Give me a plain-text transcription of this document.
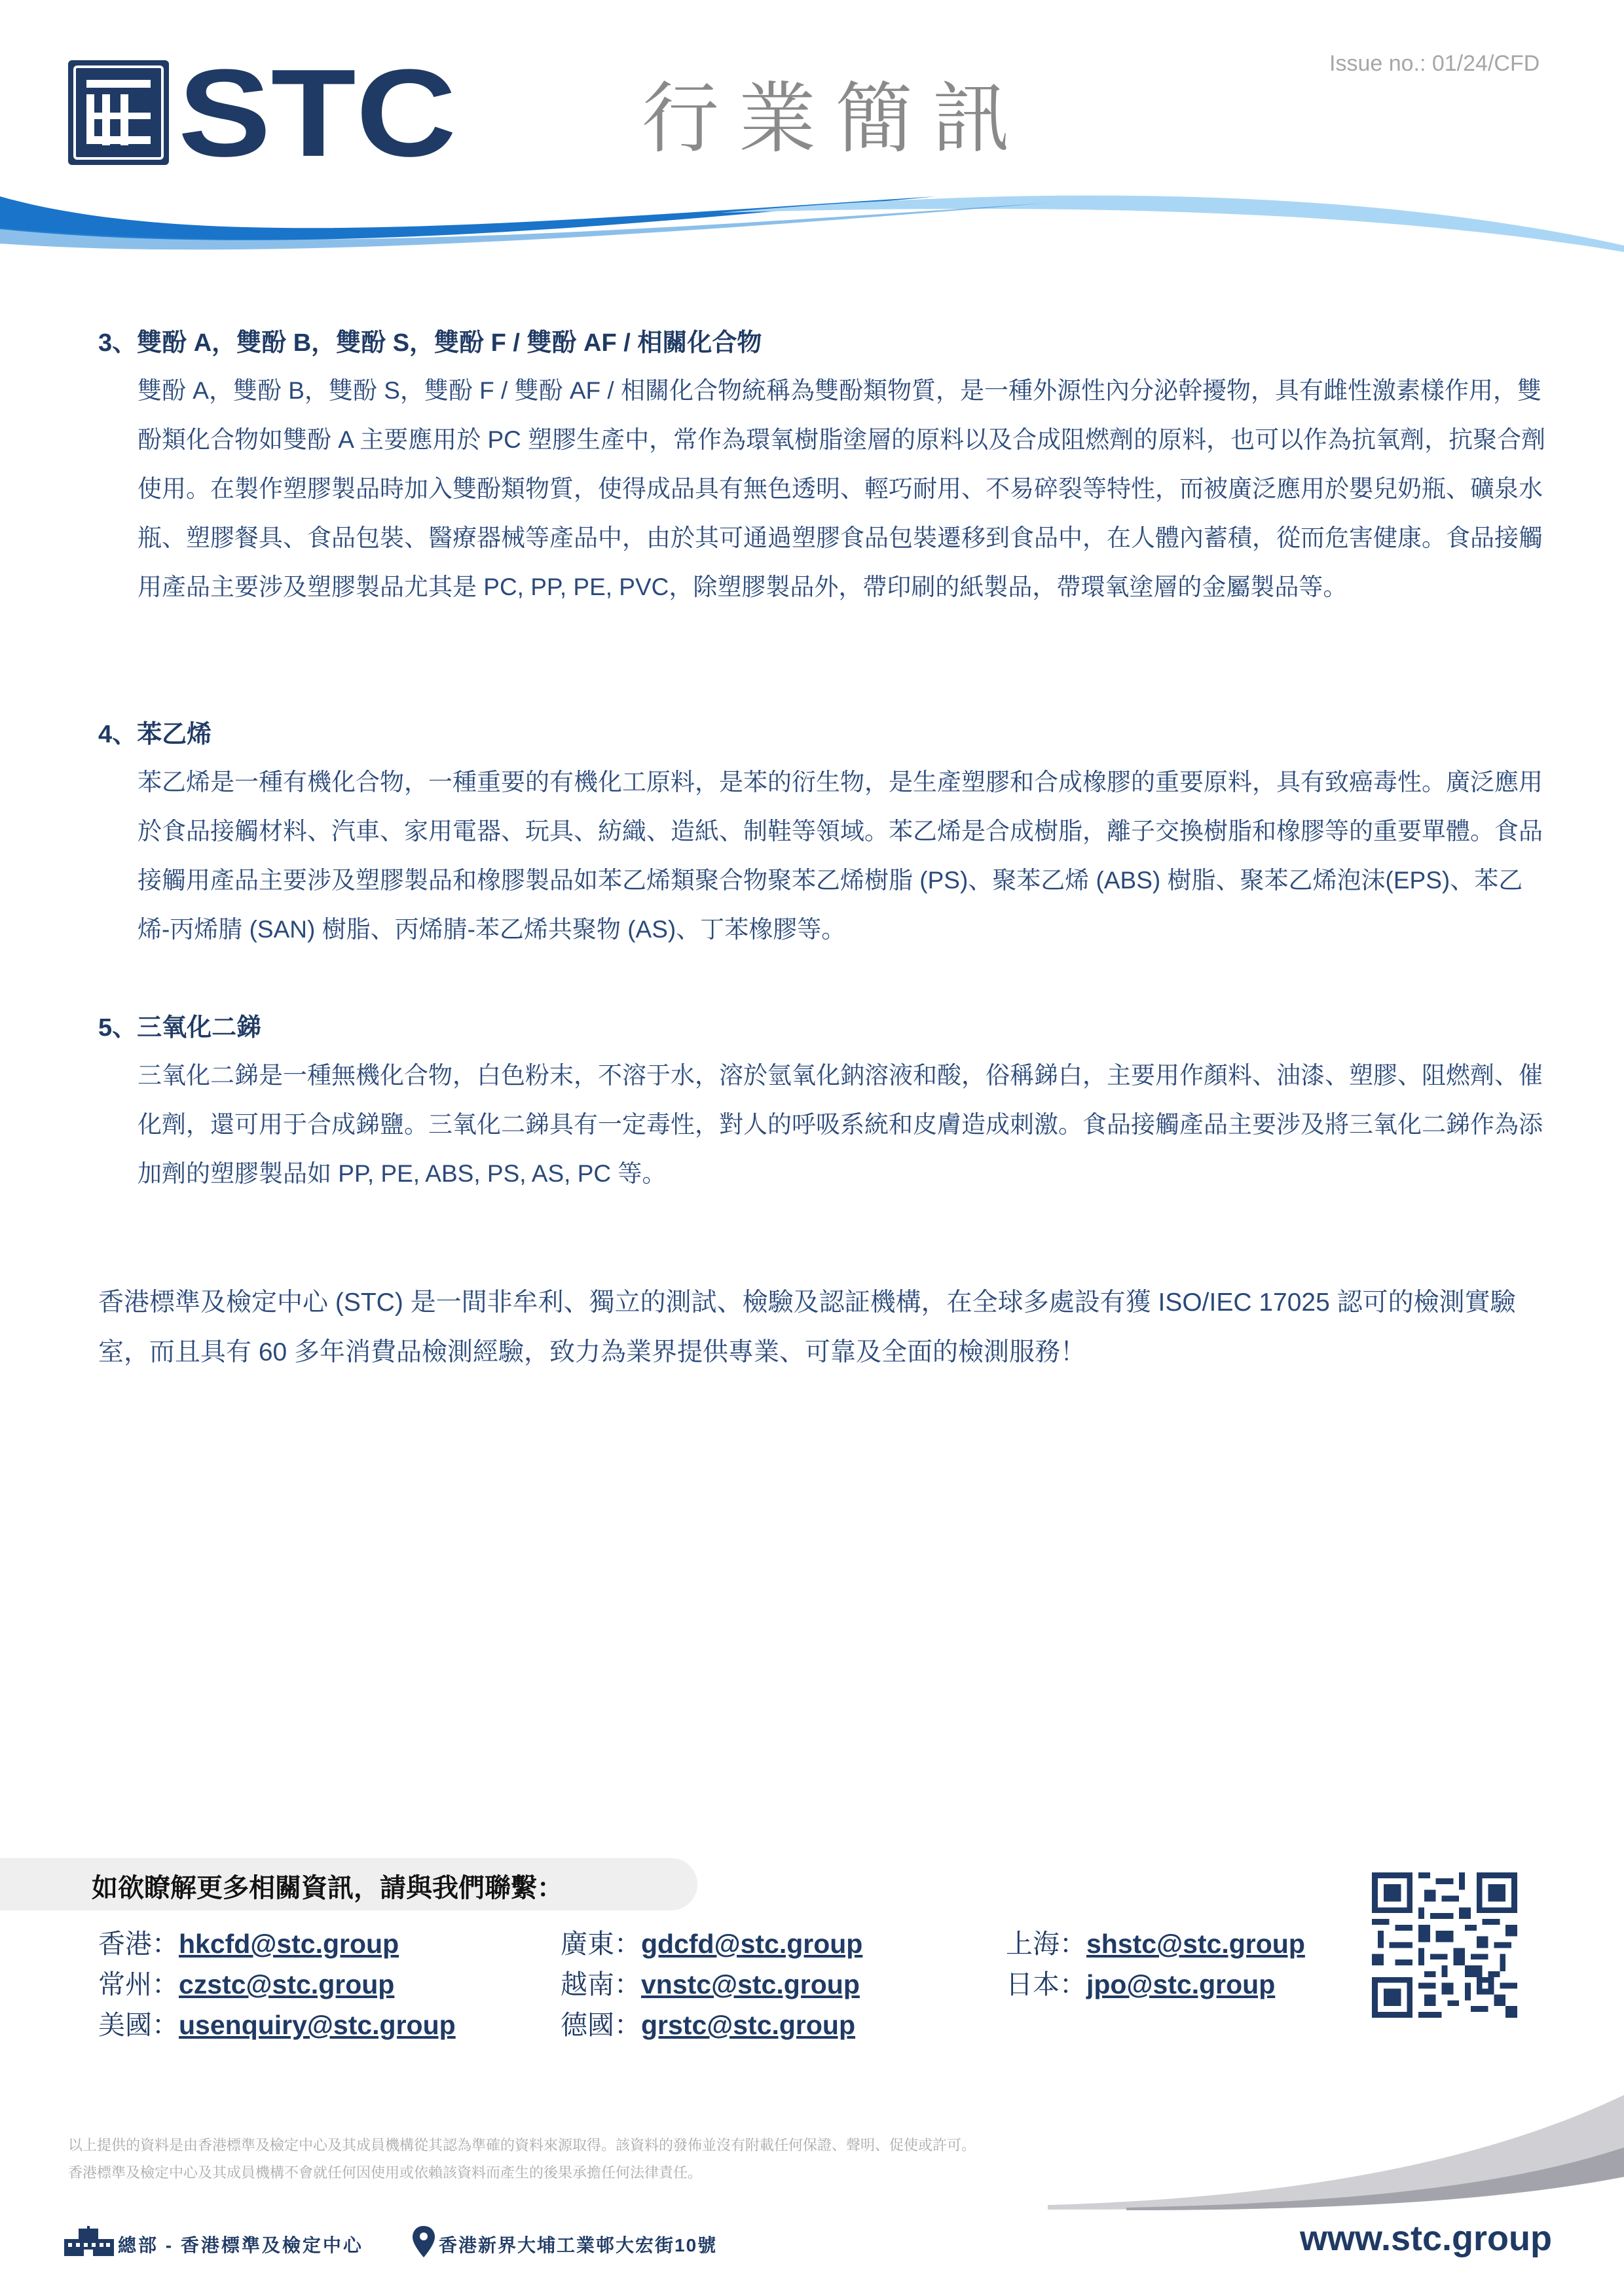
STC 行業簡訊
Issue no.: 01/24/CFD
3、雙酚 A，雙酚 B，雙酚 S，雙酚 F / 雙酚 AF / 相關化合物

雙酚 A，雙酚 B，雙酚 S，雙酚 F / 雙酚 AF / 相關化合物統稱為雙酚類物質，是一種外源性內分泌幹擾物，具有雌性激素樣作用，雙酚類化合物如雙酚 A 主要應用於 PC 塑膠生產中，常作為環氧樹脂塗層的原料以及合成阻燃劑的原料，也可以作為抗氧劑，抗聚合劑使用。在製作塑膠製品時加入雙酚類物質，使得成品具有無色透明、輕巧耐用、不易碎裂等特性，而被廣泛應用於嬰兒奶瓶、礦泉水瓶、塑膠餐具、食品包裝、醫療器械等產品中，由於其可通過塑膠食品包裝遷移到食品中，在人體內蓄積，從而危害健康。食品接觸用產品主要涉及塑膠製品尤其是 PC, PP, PE, PVC，除塑膠製品外，帶印刷的紙製品，帶環氧塗層的金屬製品等。

4、苯乙烯

苯乙烯是一種有機化合物，一種重要的有機化工原料，是苯的衍生物，是生產塑膠和合成橡膠的重要原料，具有致癌毒性。廣泛應用於食品接觸材料、汽車、家用電器、玩具、紡織、造紙、制鞋等領域。苯乙烯是合成樹脂，離子交換樹脂和橡膠等的重要單體。食品接觸用產品主要涉及塑膠製品和橡膠製品如苯乙烯類聚合物聚苯乙烯樹脂 (PS)、聚苯乙烯 (ABS) 樹脂、聚苯乙烯泡沫(EPS)、苯乙烯-丙烯腈 (SAN) 樹脂、丙烯腈-苯乙烯共聚物 (AS)、丁苯橡膠等。

5、三氧化二銻

三氧化二銻是一種無機化合物，白色粉末，不溶于水，溶於氫氧化鈉溶液和酸，俗稱銻白，主要用作顏料、油漆、塑膠、阻燃劑、催化劑，還可用于合成銻鹽。三氧化二銻具有一定毒性，對人的呼吸系統和皮膚造成刺激。食品接觸產品主要涉及將三氧化二銻作為添加劑的塑膠製品如 PP, PE, ABS, PS, AS, PC 等。

香港標準及檢定中心 (STC) 是一間非牟利、獨立的測試、檢驗及認証機構，在全球多處設有獲 ISO/IEC 17025 認可的檢測實驗室，而且具有 60 多年消費品檢測經驗，致力為業界提供專業、可靠及全面的檢測服務！

如欲瞭解更多相關資訊，請與我們聯繫：
香港：hkcfd@stc.group
常州：czstc@stc.group
美國：usenquiry@stc.group
廣東：gdcfd@stc.group
越南：vnstc@stc.group
德國：grstc@stc.group
上海：shstc@stc.group
日本：jpo@stc.group
以上提供的資料是由香港標準及檢定中心及其成員機構從其認為準確的資料來源取得。該資料的發佈並沒有附載任何保證、聲明、促使或許可。
香港標準及檢定中心及其成員機構不會就任何因使用或依賴該資料而產生的後果承擔任何法律責任。
總部 - 香港標準及檢定中心	香港新界大埔工業邨大宏街10號	www.stc.group
